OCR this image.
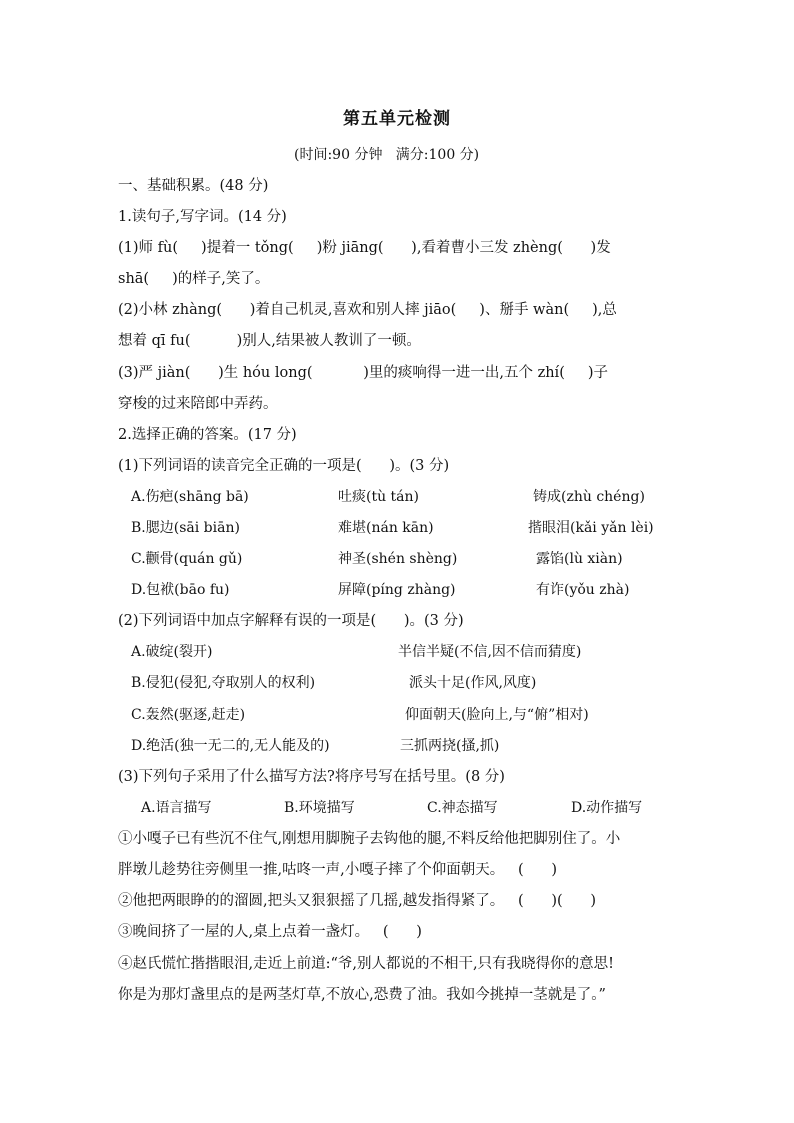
第五单元检测
(时间:90 分钟   满分:100 分)
一、基础积累。(48 分)
1.读句子,写字词。(14 分)
(1)师 fù(     )提着一 tǒng(     )粉 jiāng(      ),看着曹小三发 zhèng(      )发
shā(     )的样子,笑了。
(2)小林 zhàng(      )着自己机灵,喜欢和别人摔 jiāo(     )、掰手 wàn(     ),总
想着 qī fu(          )别人,结果被人教训了一顿。
(3)严 jiàn(      )生 hóu long(           )里的痰响得一进一出,五个 zhí(     )子
穿梭的过来陪郎中弄药。
2.选择正确的答案。(17 分)
(1)下列词语的读音完全正确的一项是(      )。(3 分)
A.伤疤(shāng bā)	吐痰(tù tán)	铸成(zhù chéng)
B.腮边(sāi biān)	难堪(nán kān)	揩眼泪(kǎi yǎn lèi)
C.颧骨(quán gǔ)	神圣(shén shèng)	露馅(lù xiàn)
D.包袱(bāo fu)	屏障(píng zhàng)	有诈(yǒu zhà)
(2)下列词语中加点字解释有误的一项是(      )。(3 分)
A.破绽(裂开)	半信半疑(不信,因不信而猜度)
B.侵犯(侵犯,夺取别人的权利)	派头十足(作风,风度)
C.轰然(驱逐,赶走)	仰面朝天(脸向上,与“俯”相对)
D.绝活(独一无二的,无人能及的)	三抓两挠(搔,抓)
(3)下列句子采用了什么描写方法?将序号写在括号里。(8 分)
A.语言描写	B.环境描写	C.神态描写	D.动作描写
①小嘎子已有些沉不住气,刚想用脚腕子去钩他的腿,不料反给他把脚别住了。小
胖墩儿趁势往旁侧里一推,咕咚一声,小嘎子摔了个仰面朝天。   (      )
②他把两眼睁的的溜圆,把头又狠狠摇了几摇,越发指得紧了。   (      )(      )
③晚间挤了一屋的人,桌上点着一盏灯。   (      )
④赵氏慌忙揩揩眼泪,走近上前道:“爷,别人都说的不相干,只有我晓得你的意思!
你是为那灯盏里点的是两茎灯草,不放心,恐费了油。我如今挑掉一茎就是了。”
